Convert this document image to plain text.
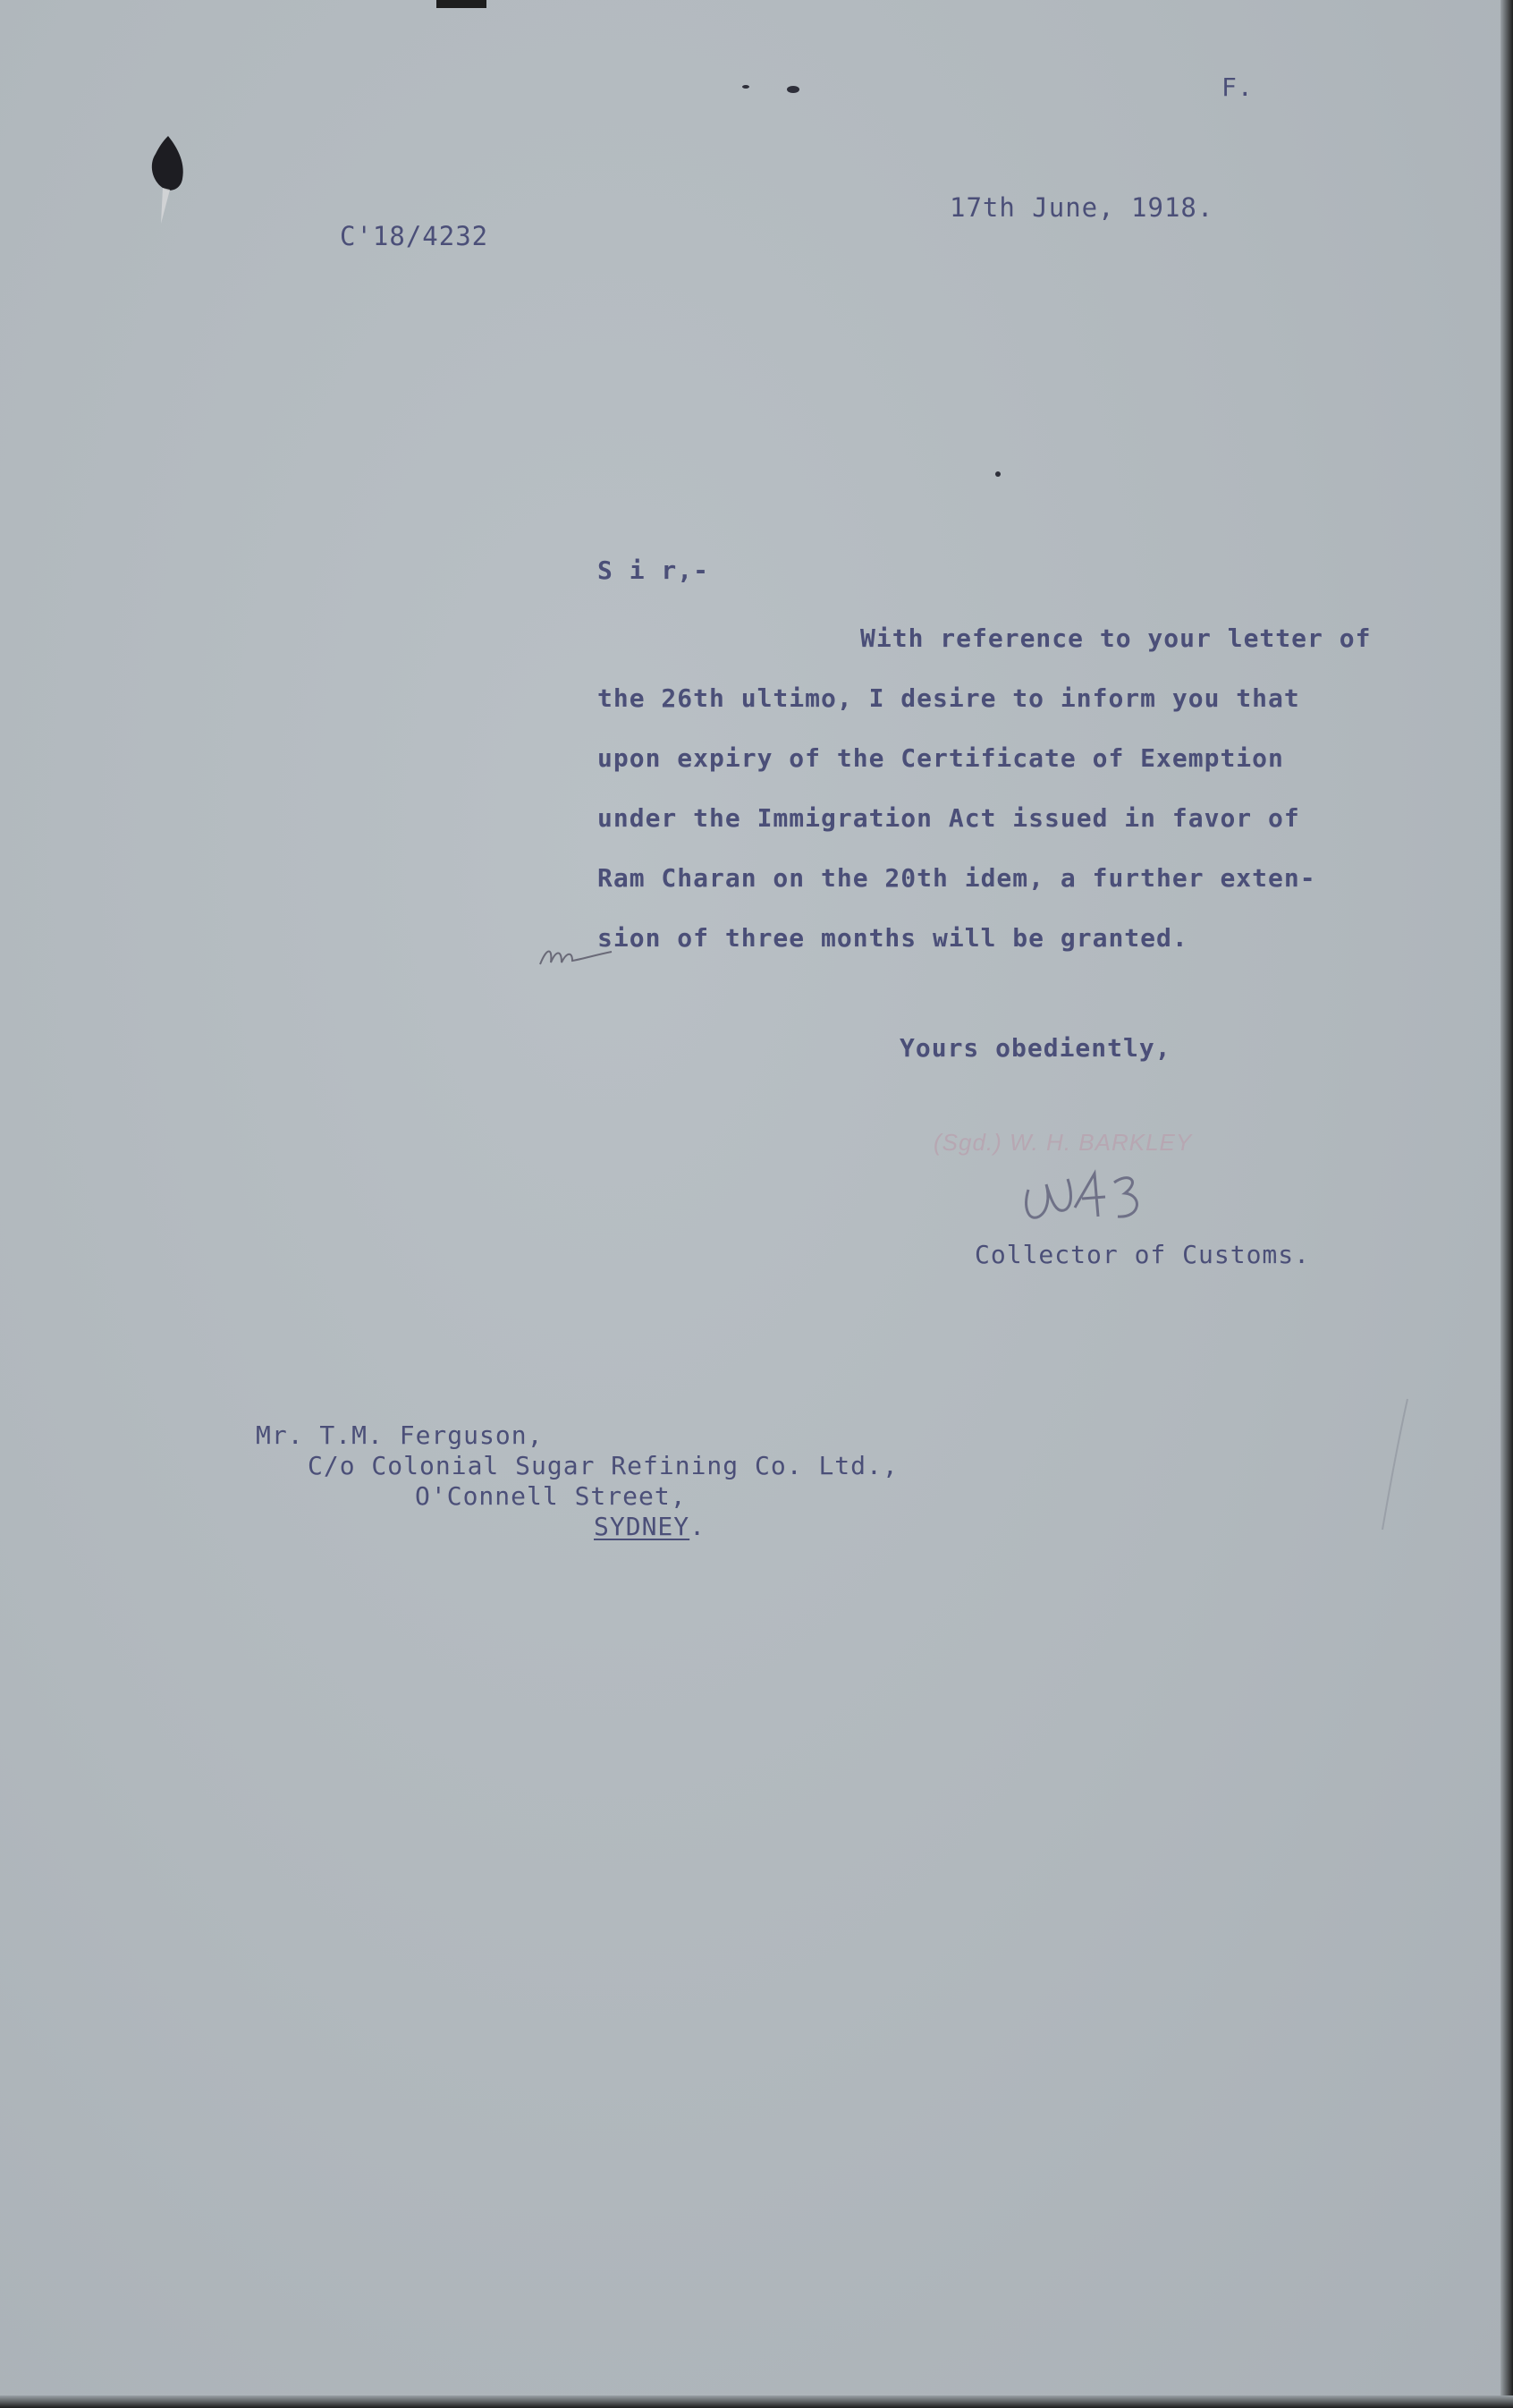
F.
17th June, 1918.
C'18/4232
S i r,-
With reference to your letter of
the 26th ultimo, I desire to inform you that
upon expiry of the Certificate of Exemption
under the Immigration Act issued in favor of
Ram Charan on the 20th idem, a further exten-
sion of three months will be granted.
Yours obediently,
(Sgd.) W. H. BARKLEY
Collector of Customs.
Mr. T.M. Ferguson,
C/o Colonial Sugar Refining Co. Ltd.,
O'Connell Street,
SYDNEY.
